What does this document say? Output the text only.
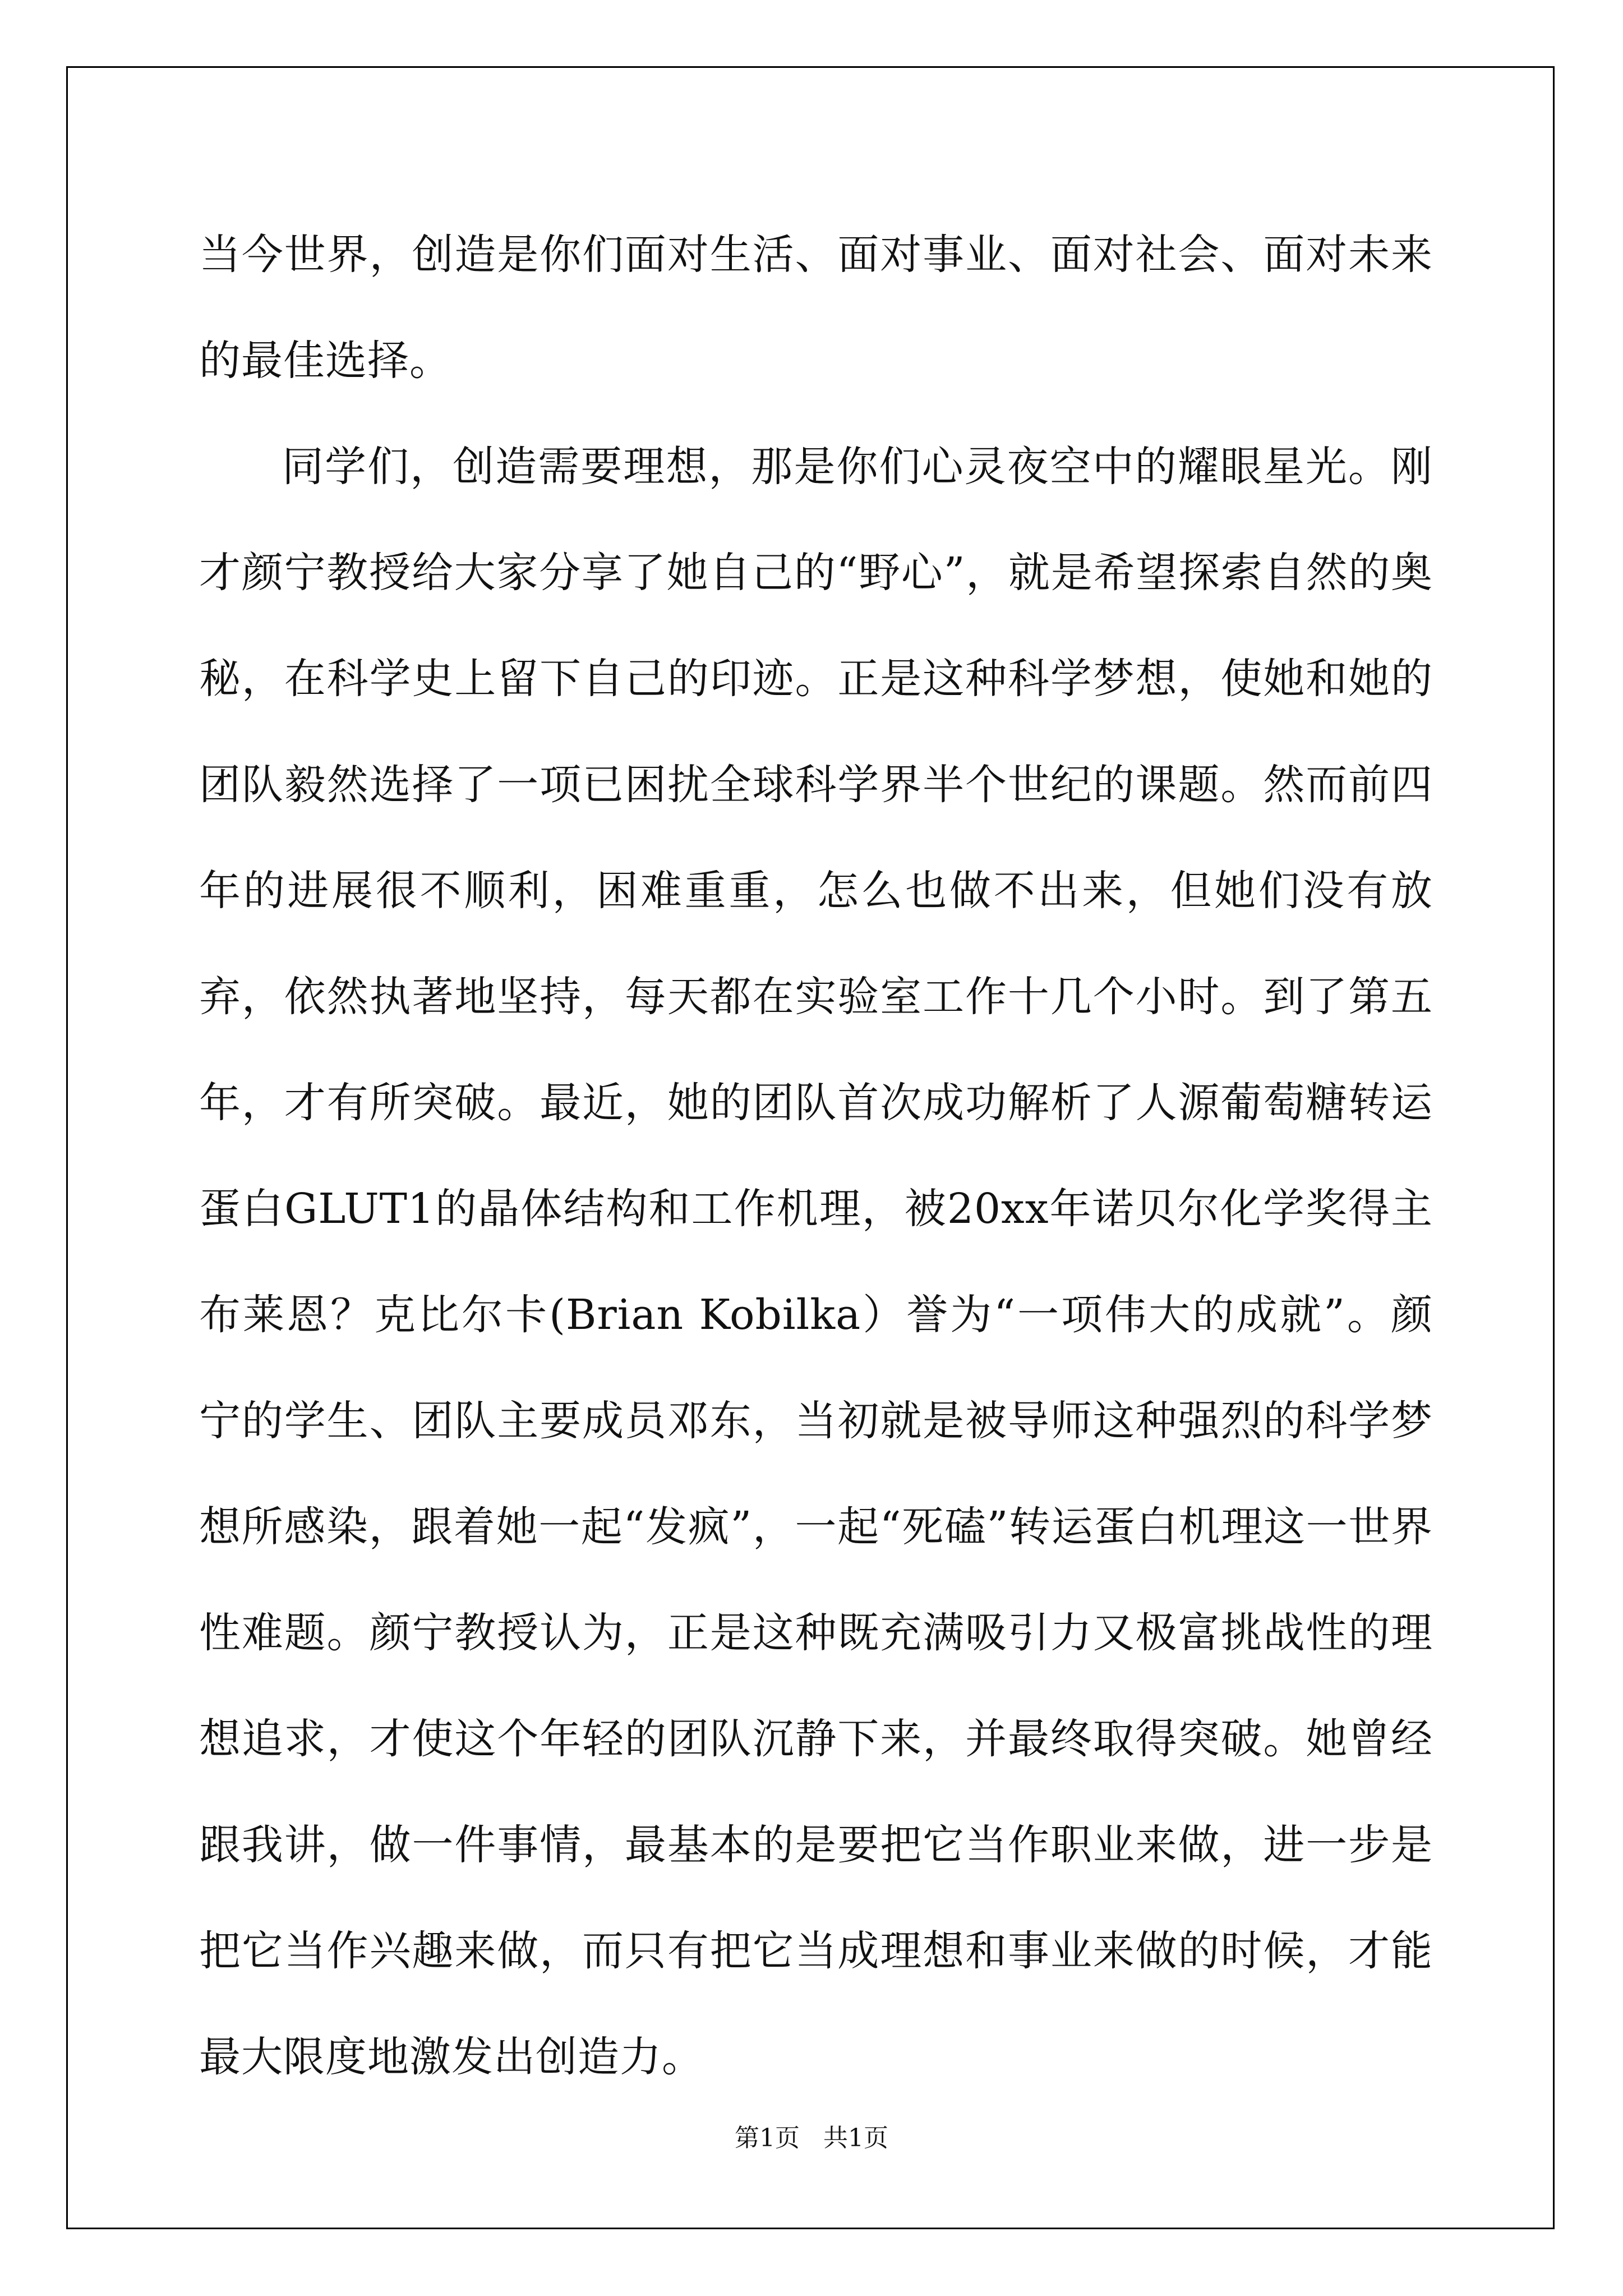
当今世界，创造是你们面对生活、面对事业、面对社会、面对未来的最佳选择。

同学们，创造需要理想，那是你们心灵夜空中的耀眼星光。刚才颜宁教授给大家分享了她自己的“野心”，就是希望探索自然的奥秘，在科学史上留下自己的印迹。正是这种科学梦想，使她和她的团队毅然选择了一项已困扰全球科学界半个世纪的课题。然而前四年的进展很不顺利，困难重重，怎么也做不出来，但她们没有放弃，依然执著地坚持，每天都在实验室工作十几个小时。到了第五年，才有所突破。最近，她的团队首次成功解析了人源葡萄糖转运蛋白GLUT1的晶体结构和工作机理，被20xx年诺贝尔化学奖得主布莱恩？克比尔卡(Brian Kobilka）誉为“一项伟大的成就”。颜宁的学生、团队主要成员邓东，当初就是被导师这种强烈的科学梦想所感染，跟着她一起“发疯”，一起“死磕”转运蛋白机理这一世界性难题。颜宁教授认为，正是这种既充满吸引力又极富挑战性的理想追求，才使这个年轻的团队沉静下来，并最终取得突破。她曾经跟我讲，做一件事情，最基本的是要把它当作职业来做，进一步是把它当作兴趣来做，而只有把它当成理想和事业来做的时候，才能最大限度地激发出创造力。

第1页   共1页
